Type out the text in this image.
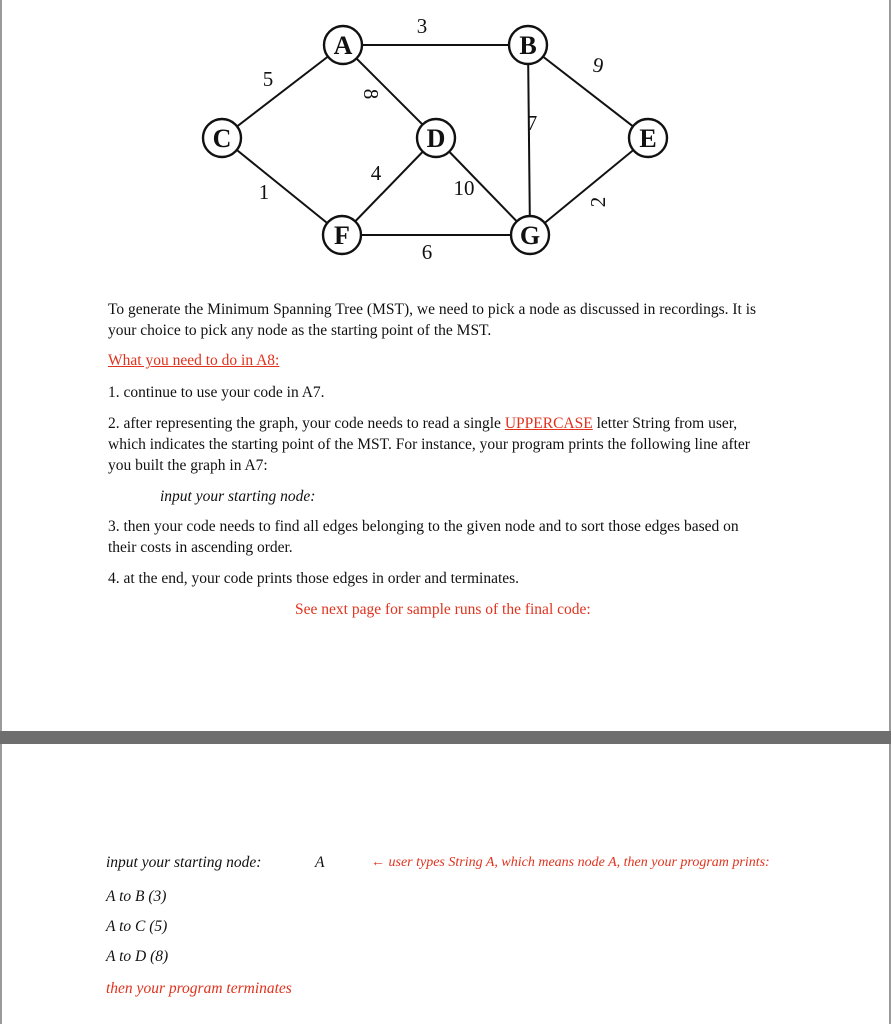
3
5
8
9
7
1
4
10
2
6
A	B
C	D	E
F	G
To generate the Minimum Spanning Tree (MST), we need to pick a node as discussed in recordings. It is
your choice to pick any node as the starting point of the MST.
What you need to do in A8:
1. continue to use your code in A7.
2. after representing the graph, your code needs to read a single UPPERCASE letter String from user,
which indicates the starting point of the MST. For instance, your program prints the following line after
you built the graph in A7:
input your starting node:
3. then your code needs to find all edges belonging to the given node and to sort those edges based on
their costs in ascending order.
4. at the end, your code prints those edges in order and terminates.
See next page for sample runs of the final code:
input your starting node:	A	← user types String A, which means node A, then your program prints:
A to B (3)
A to C (5)
A to D (8)
then your program terminates
